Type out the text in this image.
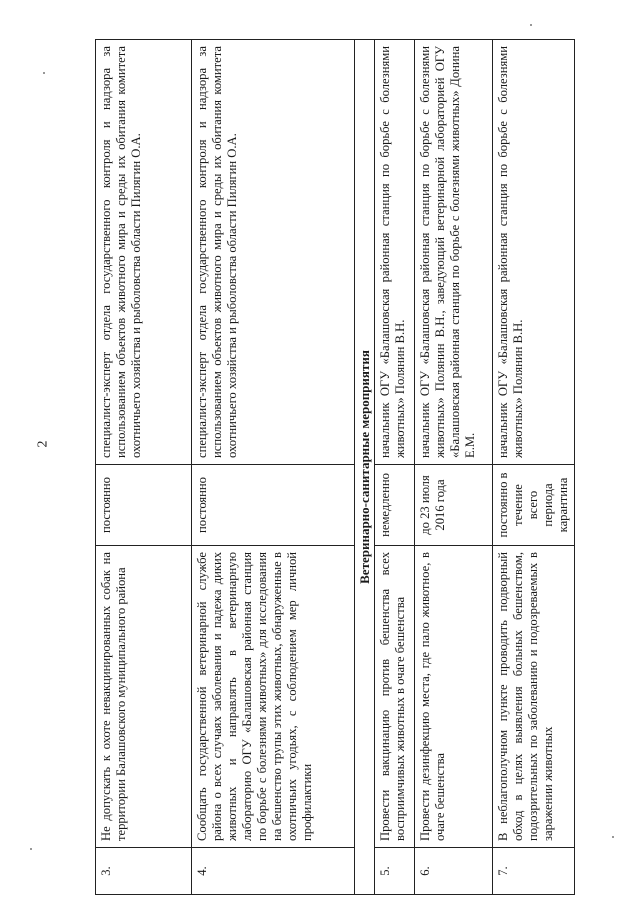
2
3.	Не допускать к охоте невакцинированных собак на территории Балашовского муниципального района	постоянно	специалист-эксперт отдела государственного контроля и надзора за использованием объектов животного мира и среды их обитания комитета охотничьего хозяйства и рыболовства области Пилягин О.А.
4.	Сообщать государственной ветеринарной службе района о всех случаях заболевания и падежа диких животных и направлять в ветеринарную лабораторию ОГУ «Балашовская районная станция по борьбе с болезнями животных» для исследования на бешенство трупы этих животных, обнаруженные в охотничьих угодьях, с соблюдением мер личной профилактики	постоянно	специалист-эксперт отдела государственного контроля и надзора за использованием объектов животного мира и среды их обитания комитета охотничьего хозяйства и рыболовства области Пилягин О.А.
Ветеринарно-санитарные мероприятия			
5.	Провести вакцинацию против бешенства всех восприимчивых животных в очаге бешенства	немедленно	начальник ОГУ «Балашовская районная станция по борьбе с болезнями животных» Полянин В.Н.
6.	Провести дезинфекцию места, где пало животное, в очаге бешенства	до 23 июля 2016 года	начальник ОГУ «Балашовская районная станция по борьбе с болезнями животных» Полянин В.Н., заведующий ветеринарной лабораторией ОГУ «Балашовская районная станция по борьбе с болезнями животных» Донина Е.М.
7.	В неблагополучном пункте проводить подворный обход в целях выявления больных бешенством, подозрительных по заболеванию и подозреваемых в заражении животных	постоянно в течение всего периода карантина	начальник ОГУ «Балашовская районная станция по борьбе с болезнями животных» Полянин В.Н.
